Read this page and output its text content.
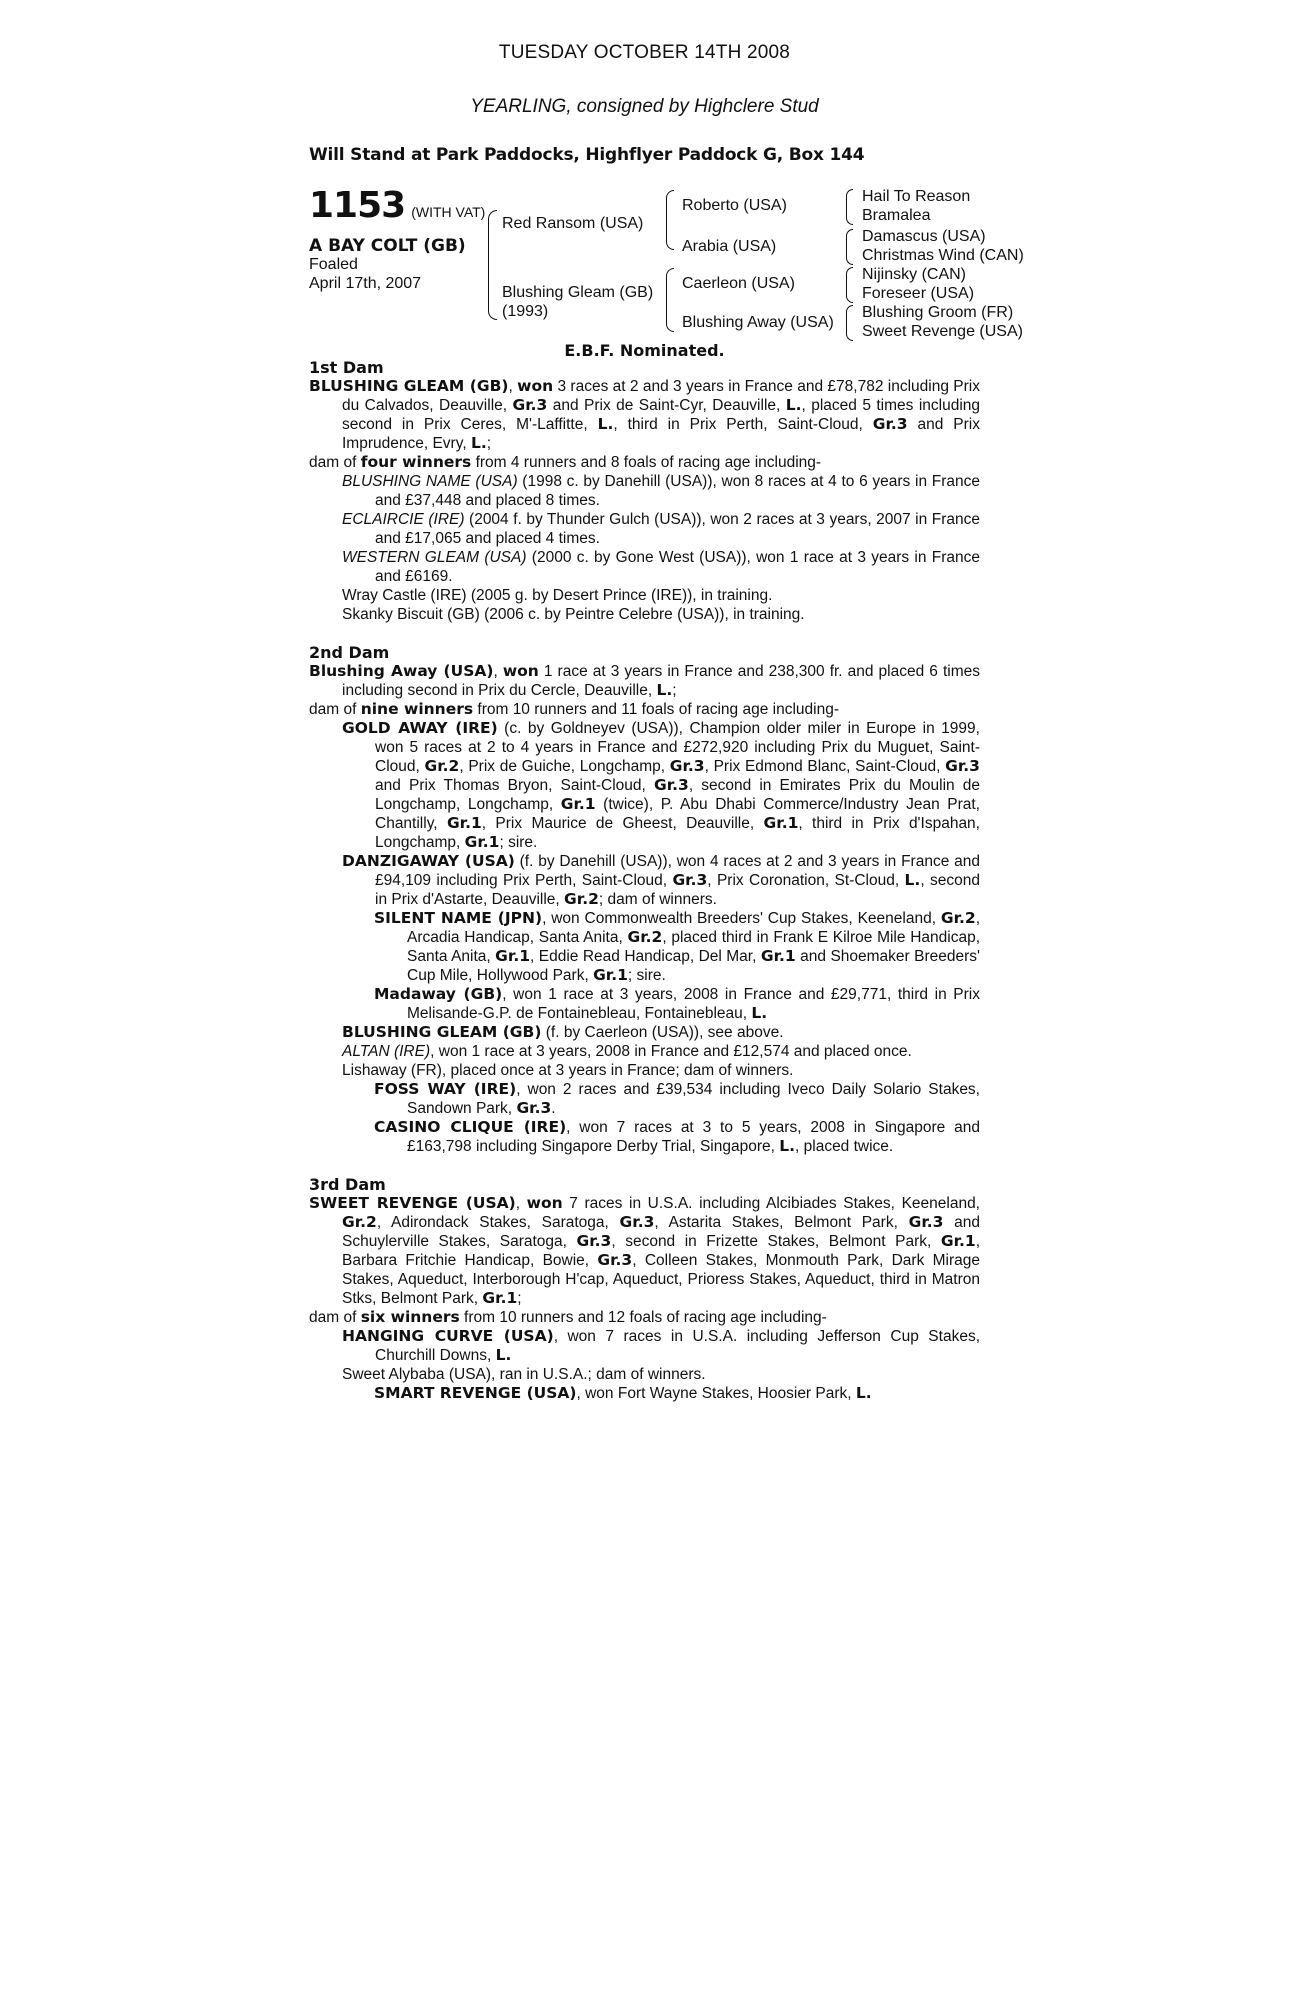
TUESDAY OCTOBER 14TH 2008
YEARLING, consigned by Highclere Stud
Will Stand at Park Paddocks, Highflyer Paddock G, Box 144
1153 (WITH VAT)
A BAY COLT (GB)
Foaled
April 17th, 2007
Red Ransom (USA)
Blushing Gleam (GB)
(1993)
Roberto (USA)
Arabia (USA)
Caerleon (USA)
Blushing Away (USA)
Hail To Reason
Bramalea
Damascus (USA)
Christmas Wind (CAN)
Nijinsky (CAN)
Foreseer (USA)
Blushing Groom (FR)
Sweet Revenge (USA)
E.B.F. Nominated.

1st Dam

BLUSHING GLEAM (GB), won 3 races at 2 and 3 years in France and £78,782 including Prix du Calvados, Deauville, Gr.3 and Prix de Saint-Cyr, Deauville, L., placed 5 times including second in Prix Ceres, M'-Laffitte, L., third in Prix Perth, Saint-Cloud, Gr.3 and Prix Imprudence, Evry, L.;

dam of four winners from 4 runners and 8 foals of racing age including-

BLUSHING NAME (USA) (1998 c. by Danehill (USA)), won 8 races at 4 to 6 years in France and £37,448 and placed 8 times.

ECLAIRCIE (IRE) (2004 f. by Thunder Gulch (USA)), won 2 races at 3 years, 2007 in France and £17,065 and placed 4 times.

WESTERN GLEAM (USA) (2000 c. by Gone West (USA)), won 1 race at 3 years in France and £6169.

Wray Castle (IRE) (2005 g. by Desert Prince (IRE)), in training.

Skanky Biscuit (GB) (2006 c. by Peintre Celebre (USA)), in training.

2nd Dam

Blushing Away (USA), won 1 race at 3 years in France and 238,300 fr. and placed 6 times including second in Prix du Cercle, Deauville, L.;

dam of nine winners from 10 runners and 11 foals of racing age including-

GOLD AWAY (IRE) (c. by Goldneyev (USA)), Champion older miler in Europe in 1999, won 5 races at 2 to 4 years in France and £272,920 including Prix du Muguet, Saint-Cloud, Gr.2, Prix de Guiche, Longchamp, Gr.3, Prix Edmond Blanc, Saint-Cloud, Gr.3 and Prix Thomas Bryon, Saint-Cloud, Gr.3, second in Emirates Prix du Moulin de Longchamp, Longchamp, Gr.1 (twice), P. Abu Dhabi Commerce/Industry Jean Prat, Chantilly, Gr.1, Prix Maurice de Gheest, Deauville, Gr.1, third in Prix d'Ispahan, Longchamp, Gr.1; sire.

DANZIGAWAY (USA) (f. by Danehill (USA)), won 4 races at 2 and 3 years in France and £94,109 including Prix Perth, Saint-Cloud, Gr.3, Prix Coronation, St-Cloud, L., second in Prix d'Astarte, Deauville, Gr.2; dam of winners.

SILENT NAME (JPN), won Commonwealth Breeders' Cup Stakes, Keeneland, Gr.2, Arcadia Handicap, Santa Anita, Gr.2, placed third in Frank E Kilroe Mile Handicap, Santa Anita, Gr.1, Eddie Read Handicap, Del Mar, Gr.1 and Shoemaker Breeders' Cup Mile, Hollywood Park, Gr.1; sire.

Madaway (GB), won 1 race at 3 years, 2008 in France and £29,771, third in Prix Melisande-G.P. de Fontainebleau, Fontainebleau, L.

BLUSHING GLEAM (GB) (f. by Caerleon (USA)), see above.

ALTAN (IRE), won 1 race at 3 years, 2008 in France and £12,574 and placed once.

Lishaway (FR), placed once at 3 years in France; dam of winners.

FOSS WAY (IRE), won 2 races and £39,534 including Iveco Daily Solario Stakes, Sandown Park, Gr.3.

CASINO CLIQUE (IRE), won 7 races at 3 to 5 years, 2008 in Singapore and £163,798 including Singapore Derby Trial, Singapore, L., placed twice.

3rd Dam

SWEET REVENGE (USA), won 7 races in U.S.A. including Alcibiades Stakes, Keeneland, Gr.2, Adirondack Stakes, Saratoga, Gr.3, Astarita Stakes, Belmont Park, Gr.3 and Schuylerville Stakes, Saratoga, Gr.3, second in Frizette Stakes, Belmont Park, Gr.1, Barbara Fritchie Handicap, Bowie, Gr.3, Colleen Stakes, Monmouth Park, Dark Mirage Stakes, Aqueduct, Interborough H'cap, Aqueduct, Prioress Stakes, Aqueduct, third in Matron Stks, Belmont Park, Gr.1;

dam of six winners from 10 runners and 12 foals of racing age including-

HANGING CURVE (USA), won 7 races in U.S.A. including Jefferson Cup Stakes, Churchill Downs, L.

Sweet Alybaba (USA), ran in U.S.A.; dam of winners.

SMART REVENGE (USA), won Fort Wayne Stakes, Hoosier Park, L.
